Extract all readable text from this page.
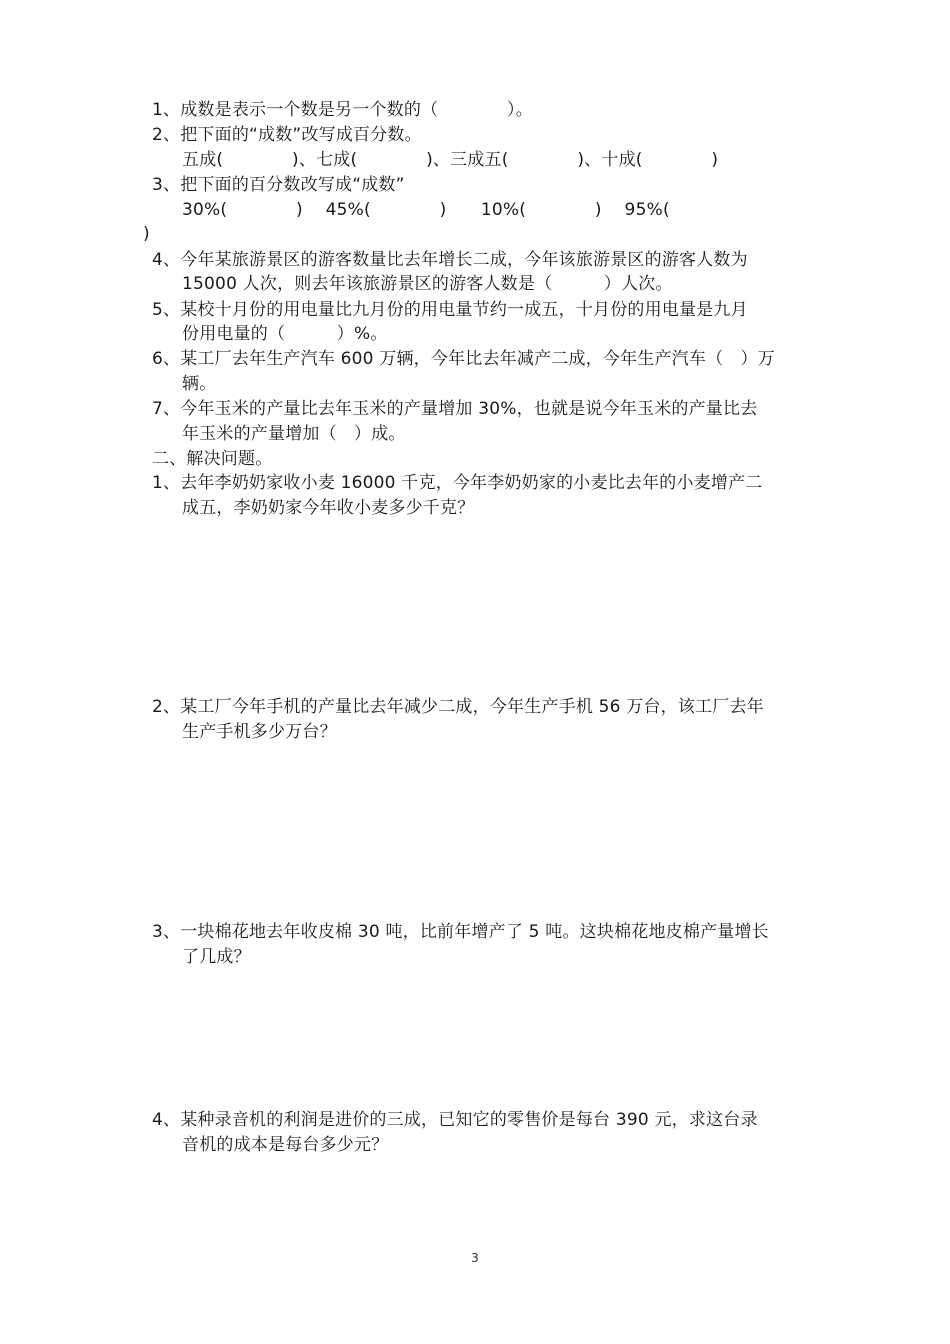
1、成数是表示一个数是另一个数的（　　　　）。
2、把下面的“成数”改写成百分数。
五成(　　　　)、七成(　　　　)、三成五(　　　　)、十成(　　　　)
3、把下面的百分数改写成“成数”
30%(　　　　)　 45%(　　　　)　　10%(　　　　)　 95%(
)
4、今年某旅游景区的游客数量比去年增长二成，今年该旅游景区的游客人数为
15000 人次，则去年该旅游景区的游客人数是（　　　）人次。
5、某校十月份的用电量比九月份的用电量节约一成五，十月份的用电量是九月
份用电量的（　　　）%。
6、某工厂去年生产汽车 600 万辆，今年比去年减产二成，今年生产汽车（　）万
辆。
7、今年玉米的产量比去年玉米的产量增加 30%，也就是说今年玉米的产量比去
年玉米的产量增加（　）成。
二、解决问题。
1、去年李奶奶家收小麦 16000 千克，今年李奶奶家的小麦比去年的小麦增产二
成五，李奶奶家今年收小麦多少千克？
2、某工厂今年手机的产量比去年减少二成，今年生产手机 56 万台，该工厂去年
生产手机多少万台？
3、一块棉花地去年收皮棉 30 吨，比前年增产了 5 吨。这块棉花地皮棉产量增长
了几成？
4、某种录音机的利润是进价的三成，已知它的零售价是每台 390 元，求这台录
音机的成本是每台多少元？
3
